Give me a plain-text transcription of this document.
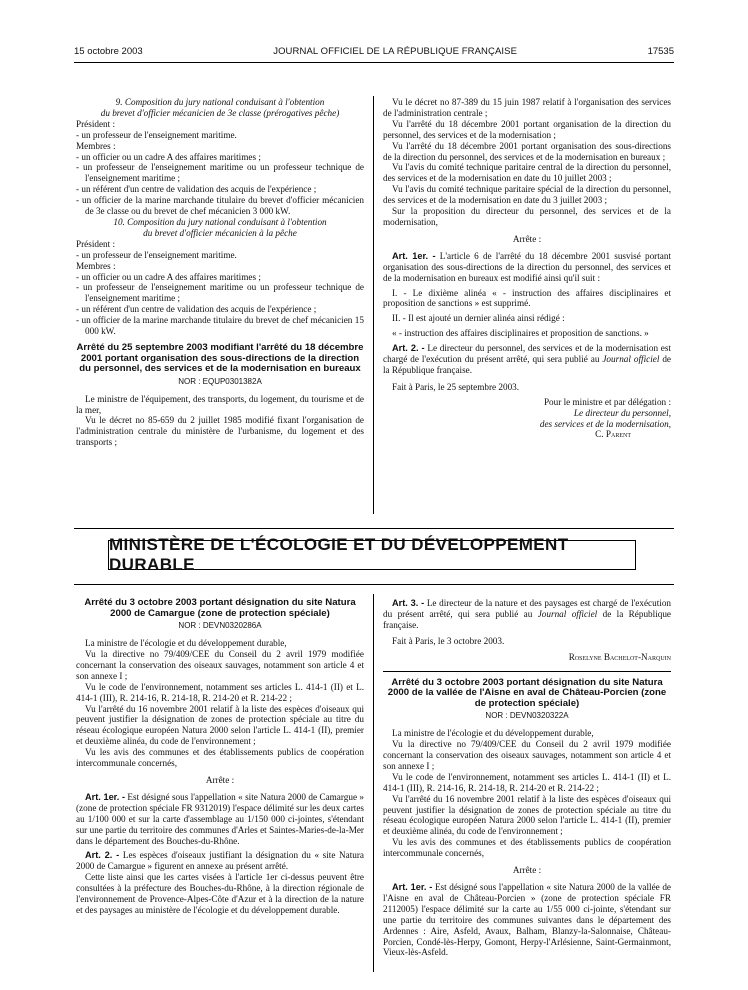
15 octobre 2003	JOURNAL OFFICIEL DE LA RÉPUBLIQUE FRANÇAISE	17535

9. Composition du jury national conduisant à l'obtention

du brevet d'officier mécanicien de 3e classe (prérogatives pêche)

Président :

- un professeur de l'enseignement maritime.

Membres :

- un officier ou un cadre A des affaires maritimes ;

- un professeur de l'enseignement maritime ou un professeur technique de l'enseignement maritime ;

- un référent d'un centre de validation des acquis de l'expérience ;

- un officier de la marine marchande titulaire du brevet d'officier mécanicien de 3e classe ou du brevet de chef mécanicien 3 000 kW.

10. Composition du jury national conduisant à l'obtention

du brevet d'officier mécanicien à la pêche

Président :

- un professeur de l'enseignement maritime.

Membres :

- un officier ou un cadre A des affaires maritimes ;

- un professeur de l'enseignement maritime ou un professeur technique de l'enseignement maritime ;

- un référent d'un centre de validation des acquis de l'expérience ;

- un officier de la marine marchande titulaire du brevet de chef mécanicien 15 000 kW.

Arrêté du 25 septembre 2003 modifiant l'arrêté du 18 décembre 2001 portant organisation des sous-directions de la direction du personnel, des services et de la modernisation en bureaux

NOR : EQUP0301382A

Le ministre de l'équipement, des transports, du logement, du tourisme et de la mer,

Vu le décret no 85-659 du 2 juillet 1985 modifié fixant l'organisation de l'administration centrale du ministère de l'urbanisme, du logement et des transports ;

Vu le décret no 87-389 du 15 juin 1987 relatif à l'organisation des services de l'administration centrale ;

Vu l'arrêté du 18 décembre 2001 portant organisation de la direction du personnel, des services et de la modernisation ;

Vu l'arrêté du 18 décembre 2001 portant organisation des sous-directions de la direction du personnel, des services et de la modernisation en bureaux ;

Vu l'avis du comité technique paritaire central de la direction du personnel, des services et de la modernisation en date du 10 juillet 2003 ;

Vu l'avis du comité technique paritaire spécial de la direction du personnel, des services et de la modernisation en date du 3 juillet 2003 ;

Sur la proposition du directeur du personnel, des services et de la modernisation,

Arrête :

Art. 1er. - L'article 6 de l'arrêté du 18 décembre 2001 susvisé portant organisation des sous-directions de la direction du personnel, des services et de la modernisation en bureaux est modifié ainsi qu'il suit :

I. - Le dixième alinéa « - instruction des affaires disciplinaires et proposition de sanctions » est supprimé.

II. - Il est ajouté un dernier alinéa ainsi rédigé :

« - instruction des affaires disciplinaires et proposition de sanctions. »

Art. 2. - Le directeur du personnel, des services et de la modernisation est chargé de l'exécution du présent arrêté, qui sera publié au Journal officiel de la République française.

Fait à Paris, le 25 septembre 2003.

Pour le ministre et par délégation :

Le directeur du personnel,

des services et de la modernisation,

C. Parent

MINISTÈRE DE L'ÉCOLOGIE ET DU DÉVELOPPEMENT DURABLE

Arrêté du 3 octobre 2003 portant désignation du site Natura 2000 de Camargue (zone de protection spéciale)

NOR : DEVN0320286A

La ministre de l'écologie et du développement durable,

Vu la directive no 79/409/CEE du Conseil du 2 avril 1979 modifiée concernant la conservation des oiseaux sauvages, notamment son article 4 et son annexe I ;

Vu le code de l'environnement, notamment ses articles L. 414-1 (II) et L. 414-1 (III), R. 214-16, R. 214-18, R. 214-20 et R. 214-22 ;

Vu l'arrêté du 16 novembre 2001 relatif à la liste des espèces d'oiseaux qui peuvent justifier la désignation de zones de protection spéciale au titre du réseau écologique européen Natura 2000 selon l'article L. 414-1 (II), premier et deuxième alinéa, du code de l'environnement ;

Vu les avis des communes et des établissements publics de coopération intercommunale concernés,

Arrête :

Art. 1er. - Est désigné sous l'appellation « site Natura 2000 de Camargue » (zone de protection spéciale FR 9312019) l'espace délimité sur les deux cartes au 1/100 000 et sur la carte d'assemblage au 1/150 000 ci-jointes, s'étendant sur une partie du territoire des communes d'Arles et Saintes-Maries-de-la-Mer dans le département des Bouches-du-Rhône.

Art. 2. - Les espèces d'oiseaux justifiant la désignation du « site Natura 2000 de Camargue » figurent en annexe au présent arrêté.

Cette liste ainsi que les cartes visées à l'article 1er ci-dessus peuvent être consultées à la préfecture des Bouches-du-Rhône, à la direction régionale de l'environnement de Provence-Alpes-Côte d'Azur et à la direction de la nature et des paysages au ministère de l'écologie et du développement durable.

Art. 3. - Le directeur de la nature et des paysages est chargé de l'exécution du présent arrêté, qui sera publié au Journal officiel de la République française.

Fait à Paris, le 3 octobre 2003.

Roselyne Bachelot-Narquin

Arrêté du 3 octobre 2003 portant désignation du site Natura 2000 de la vallée de l'Aisne en aval de Château-Porcien (zone de protection spéciale)

NOR : DEVN0320322A

La ministre de l'écologie et du développement durable,

Vu la directive no 79/409/CEE du Conseil du 2 avril 1979 modifiée concernant la conservation des oiseaux sauvages, notamment son article 4 et son annexe I ;

Vu le code de l'environnement, notamment ses articles L. 414-1 (II) et L. 414-1 (III), R. 214-16, R. 214-18, R. 214-20 et R. 214-22 ;

Vu l'arrêté du 16 novembre 2001 relatif à la liste des espèces d'oiseaux qui peuvent justifier la désignation de zones de protection spéciale au titre du réseau écologique européen Natura 2000 selon l'article L. 414-1 (II), premier et deuxième alinéa, du code de l'environnement ;

Vu les avis des communes et des établissements publics de coopération intercommunale concernés,

Arrête :

Art. 1er. - Est désigné sous l'appellation « site Natura 2000 de la vallée de l'Aisne en aval de Château-Porcien » (zone de protection spéciale FR 2112005) l'espace délimité sur la carte au 1/55 000 ci-jointe, s'étendant sur une partie du territoire des communes suivantes dans le département des Ardennes : Aire, Asfeld, Avaux, Balham, Blanzy-la-Salonnaise, Château-Porcien, Condé-lès-Herpy, Gomont, Herpy-l'Arlésienne, Saint-Germainmont, Vieux-lès-Asfeld.
